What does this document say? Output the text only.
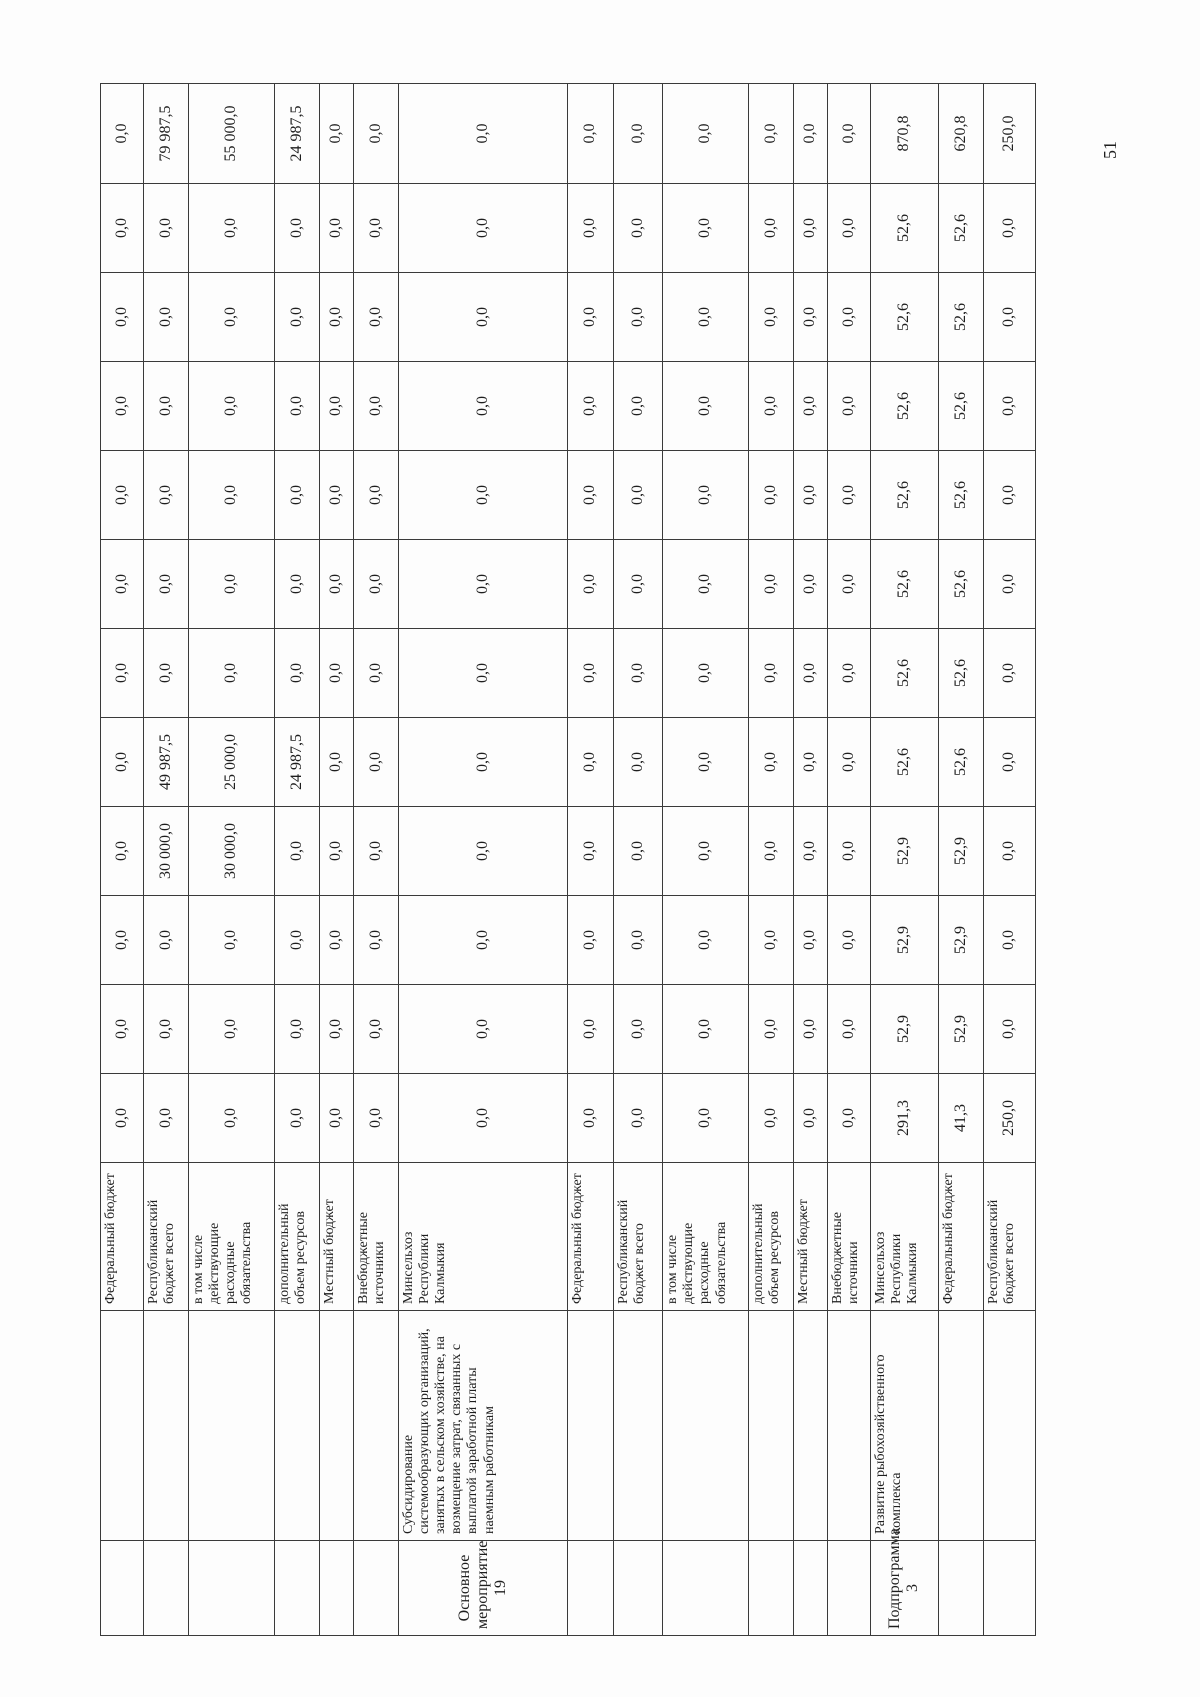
		Федеральный бюджет	0,0	0,0	0,0	0,0	0,0	0,0	0,0	0,0	0,0	0,0	0,0	0,0
		Республиканский бюджет всего	0,0	0,0	0,0	30 000,0	49 987,5	0,0	0,0	0,0	0,0	0,0	0,0	79 987,5
		в том числе действующие расходные обязательства	0,0	0,0	0,0	30 000,0	25 000,0	0,0	0,0	0,0	0,0	0,0	0,0	55 000,0
		дополнительный объем ресурсов	0,0	0,0	0,0	0,0	24 987,5	0,0	0,0	0,0	0,0	0,0	0,0	24 987,5
		Местный бюджет	0,0	0,0	0,0	0,0	0,0	0,0	0,0	0,0	0,0	0,0	0,0	0,0
		Внебюджетные источники	0,0	0,0	0,0	0,0	0,0	0,0	0,0	0,0	0,0	0,0	0,0	0,0
Основное мероприятие 19	Субсидирование системообразующих организаций, занятых в сельском хозяйстве, на возмещение затрат, связанных с выплатой заработной платы наемным работникам	Минсельхоз Республики Калмыкия	0,0	0,0	0,0	0,0	0,0	0,0	0,0	0,0	0,0	0,0	0,0	0,0
		Федеральный бюджет	0,0	0,0	0,0	0,0	0,0	0,0	0,0	0,0	0,0	0,0	0,0	0,0
		Республиканский бюджет всего	0,0	0,0	0,0	0,0	0,0	0,0	0,0	0,0	0,0	0,0	0,0	0,0
		в том числе действующие расходные обязательства	0,0	0,0	0,0	0,0	0,0	0,0	0,0	0,0	0,0	0,0	0,0	0,0
		дополнительный объем ресурсов	0,0	0,0	0,0	0,0	0,0	0,0	0,0	0,0	0,0	0,0	0,0	0,0
		Местный бюджет	0,0	0,0	0,0	0,0	0,0	0,0	0,0	0,0	0,0	0,0	0,0	0,0
		Внебюджетные источники	0,0	0,0	0,0	0,0	0,0	0,0	0,0	0,0	0,0	0,0	0,0	0,0
Подпрограмма 3	Развитие рыбохозяйственного комплекса	Минсельхоз Республики Калмыкия	291,3	52,9	52,9	52,9	52,6	52,6	52,6	52,6	52,6	52,6	52,6	870,8
		Федеральный бюджет	41,3	52,9	52,9	52,9	52,6	52,6	52,6	52,6	52,6	52,6	52,6	620,8
		Республиканский бюджет всего	250,0	0,0	0,0	0,0	0,0	0,0	0,0	0,0	0,0	0,0	0,0	250,0	51
